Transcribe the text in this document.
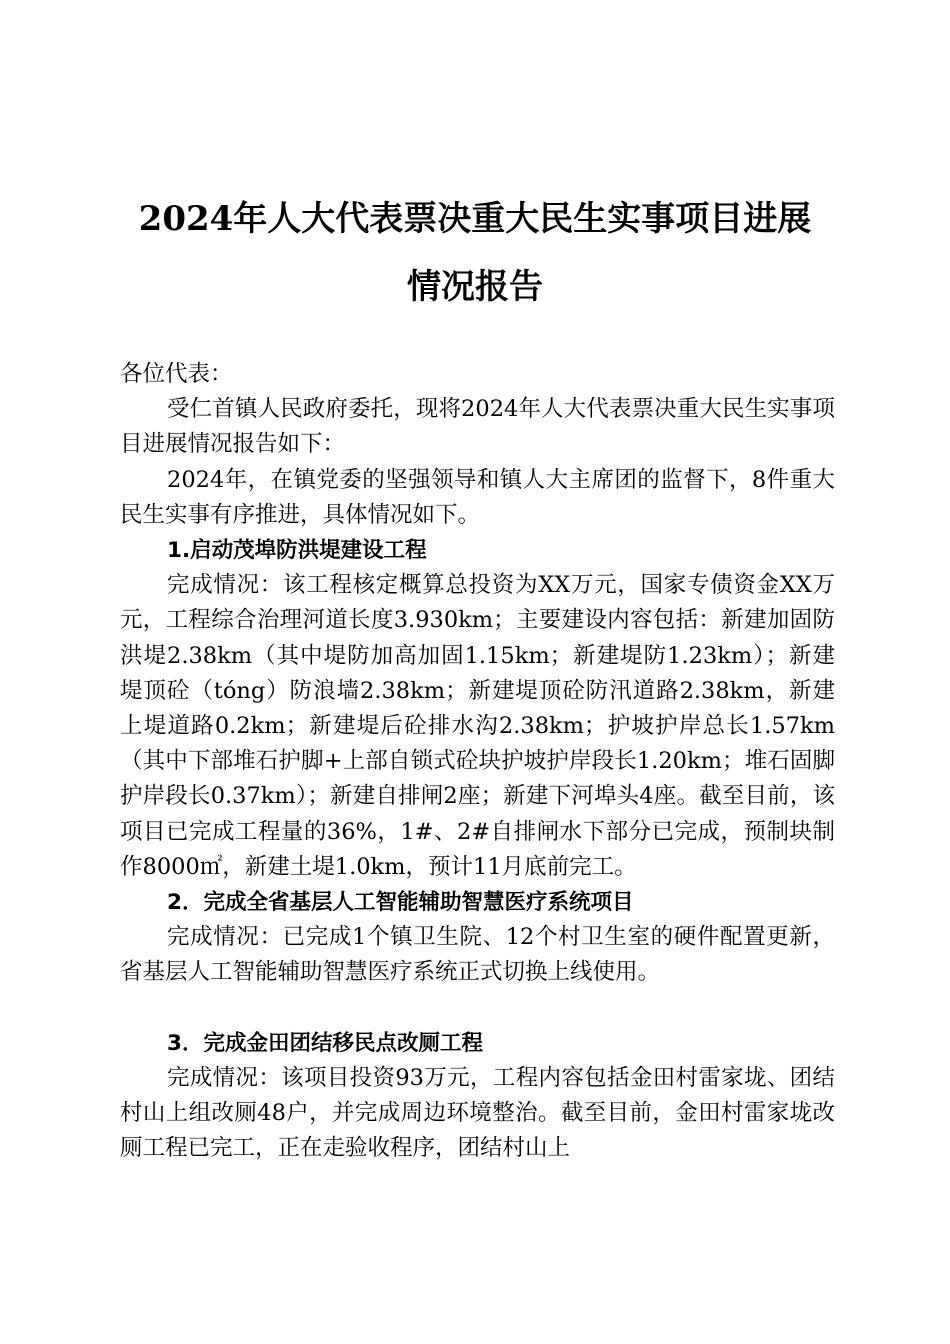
2024年人大代表票决重大民生实事项目进展
情况报告

各位代表：

受仁首镇人民政府委托，现将2024年人大代表票决重大民生实事项目进展情况报告如下：

2024年，在镇党委的坚强领导和镇人大主席团的监督下，8件重大民生实事有序推进，具体情况如下。

1.启动茂埠防洪堤建设工程

完成情况：该工程核定概算总投资为XX万元，国家专债资金XX万元，工程综合治理河道长度3.930km；主要建设内容包括：新建加固防洪堤2.38km（其中堤防加高加固1.15km；新建堤防1.23km）；新建堤顶砼（tóng）防浪墙2.38km；新建堤顶砼防汛道路2.38km，新建上堤道路0.2km；新建堤后砼排水沟2.38km；护坡护岸总长1.57km（其中下部堆石护脚+上部自锁式砼块护坡护岸段长1.20km；堆石固脚护岸段长0.37km）；新建自排闸2座；新建下河埠头4座。截至目前，该项目已完成工程量的36%，1#、2#自排闸水下部分已完成，预制块制作8000㎡，新建土堤1.0km，预计11月底前完工。

2．完成全省基层人工智能辅助智慧医疗系统项目

完成情况：已完成1个镇卫生院、12个村卫生室的硬件配置更新，省基层人工智能辅助智慧医疗系统正式切换上线使用。

3．完成金田团结移民点改厕工程

完成情况：该项目投资93万元，工程内容包括金田村雷家垅、团结村山上组改厕48户，并完成周边环境整治。截至目前，金田村雷家垅改厕工程已完工，正在走验收程序，团结村山上
